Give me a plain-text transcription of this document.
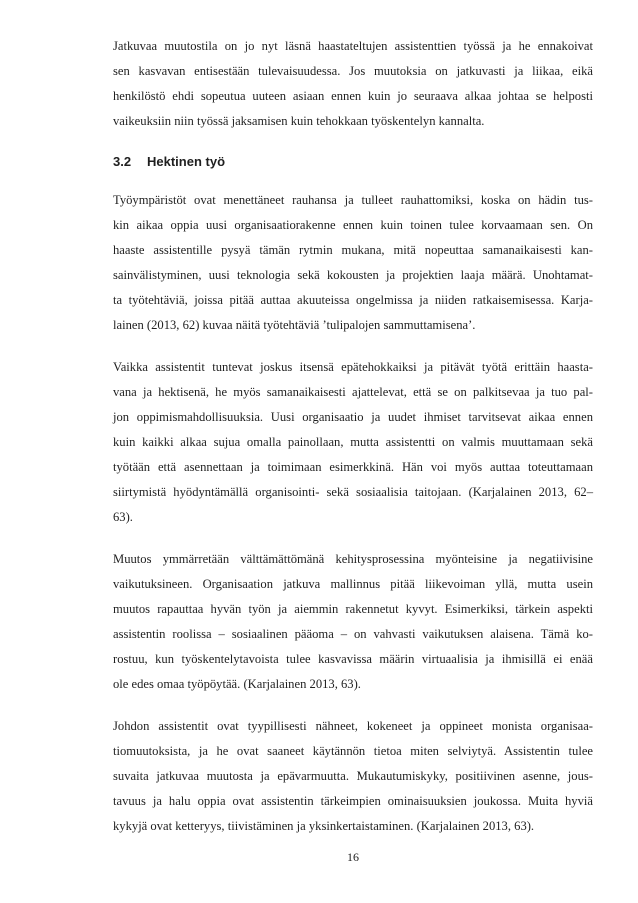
Jatkuvaa muutostila on jo nyt läsnä haastateltujen assistenttien työssä ja he ennakoivat
sen kasvavan entisestään tulevaisuudessa. Jos muutoksia on jatkuvasti ja liikaa, eikä
henkilöstö ehdi sopeutua uuteen asiaan ennen kuin jo seuraava alkaa johtaa se helposti
vaikeuksiin niin työssä jaksamisen kuin tehokkaan työskentelyn kannalta.
3.2 Hektinen työ
Työympäristöt ovat menettäneet rauhansa ja tulleet rauhattomiksi, koska on hädin tus-
kin aikaa oppia uusi organisaatiorakenne ennen kuin toinen tulee korvaamaan sen. On
haaste assistentille pysyä tämän rytmin mukana, mitä nopeuttaa samanaikaisesti kan-
sainvälistyminen, uusi teknologia sekä kokousten ja projektien laaja määrä. Unohtamat-
ta työtehtäviä, joissa pitää auttaa akuuteissa ongelmissa ja niiden ratkaisemisessa. Karja-
lainen (2013, 62) kuvaa näitä työtehtäviä ’tulipalojen sammuttamisena’.
Vaikka assistentit tuntevat joskus itsensä epätehokkaiksi ja pitävät työtä erittäin haasta-
vana ja hektisenä, he myös samanaikaisesti ajattelevat, että se on palkitsevaa ja tuo pal-
jon oppimismahdollisuuksia. Uusi organisaatio ja uudet ihmiset tarvitsevat aikaa ennen
kuin kaikki alkaa sujua omalla painollaan, mutta assistentti on valmis muuttamaan sekä
työtään että asennettaan ja toimimaan esimerkkinä. Hän voi myös auttaa toteuttamaan
siirtymistä hyödyntämällä organisointi- sekä sosiaalisia taitojaan. (Karjalainen 2013, 62–
63).
Muutos ymmärretään välttämättömänä kehitysprosessina myönteisine ja negatiivisine
vaikutuksineen. Organisaation jatkuva mallinnus pitää liikevoiman yllä, mutta usein
muutos rapauttaa hyvän työn ja aiemmin rakennetut kyvyt. Esimerkiksi, tärkein aspekti
assistentin roolissa – sosiaalinen pääoma – on vahvasti vaikutuksen alaisena. Tämä ko-
rostuu, kun työskentelytavoista tulee kasvavissa määrin virtuaalisia ja ihmisillä ei enää
ole edes omaa työpöytää. (Karjalainen 2013, 63).
Johdon assistentit ovat tyypillisesti nähneet, kokeneet ja oppineet monista organisaa-
tiomuutoksista, ja he ovat saaneet käytännön tietoa miten selviytyä. Assistentin tulee
suvaita jatkuvaa muutosta ja epävarmuutta. Mukautumiskyky, positiivinen asenne, jous-
tavuus ja halu oppia ovat assistentin tärkeimpien ominaisuuksien joukossa. Muita hyviä
kykyjä ovat ketteryys, tiivistäminen ja yksinkertaistaminen. (Karjalainen 2013, 63).
16
